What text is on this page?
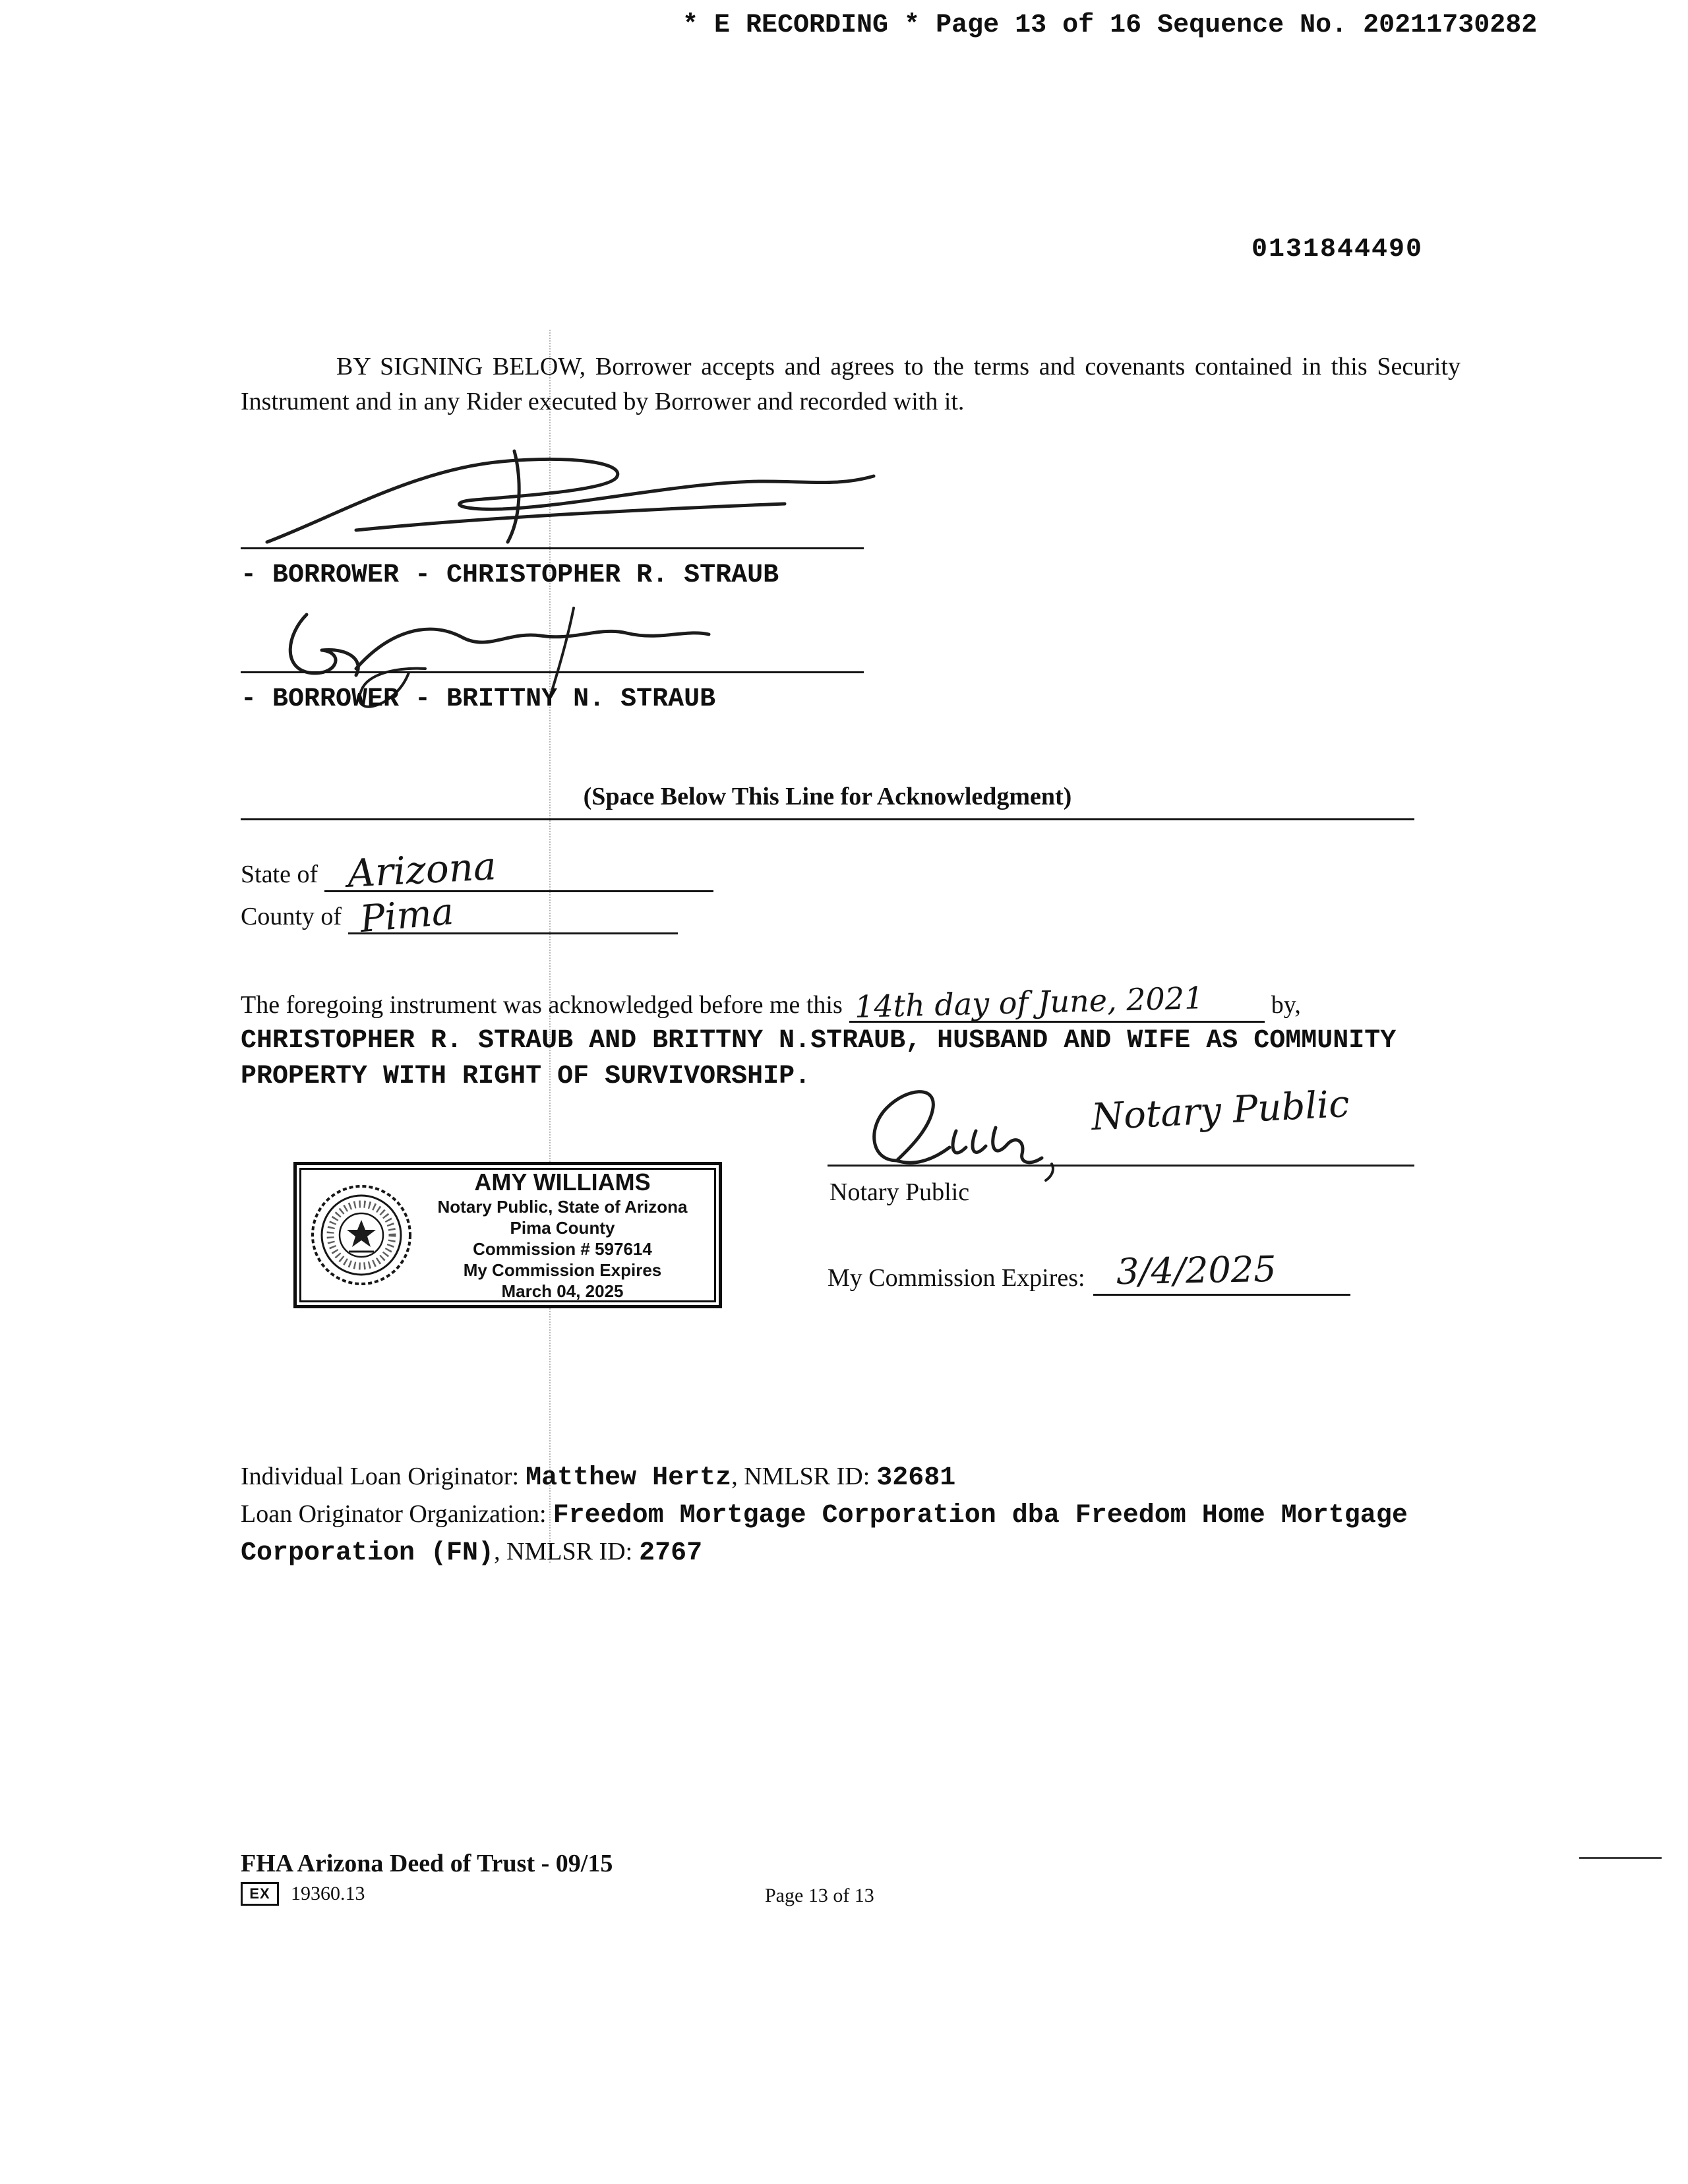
* E RECORDING * Page 13 of 16 Sequence No. 20211730282
0131844490
BY SIGNING BELOW, Borrower accepts and agrees to the terms and covenants contained in this Security Instrument and in any Rider executed by Borrower and recorded with it.
- BORROWER - CHRISTOPHER R. STRAUB
- BORROWER - BRITTNY N. STRAUB
(Space Below This Line for Acknowledgment)
State of Arizona
County of Pima
The foregoing instrument was acknowledged before me this 14th day of June, 2021	by,
CHRISTOPHER R. STRAUB AND BRITTNY N.STRAUB, HUSBAND AND WIFE AS COMMUNITY PROPERTY WITH RIGHT OF SURVIVORSHIP.
Notary Public
Notary Public
AMY WILLIAMS
Notary Public, State of Arizona
Pima County
Commission # 597614
My Commission Expires
March 04, 2025	My Commission Expires: 3/4/2025
Individual Loan Originator: Matthew Hertz, NMLSR ID: 32681
Loan Originator Organization: Freedom Mortgage Corporation dba Freedom Home Mortgage Corporation (FN), NMLSR ID: 2767
FHA Arizona Deed of Trust - 09/15
EX	19360.13	Page 13 of 13
